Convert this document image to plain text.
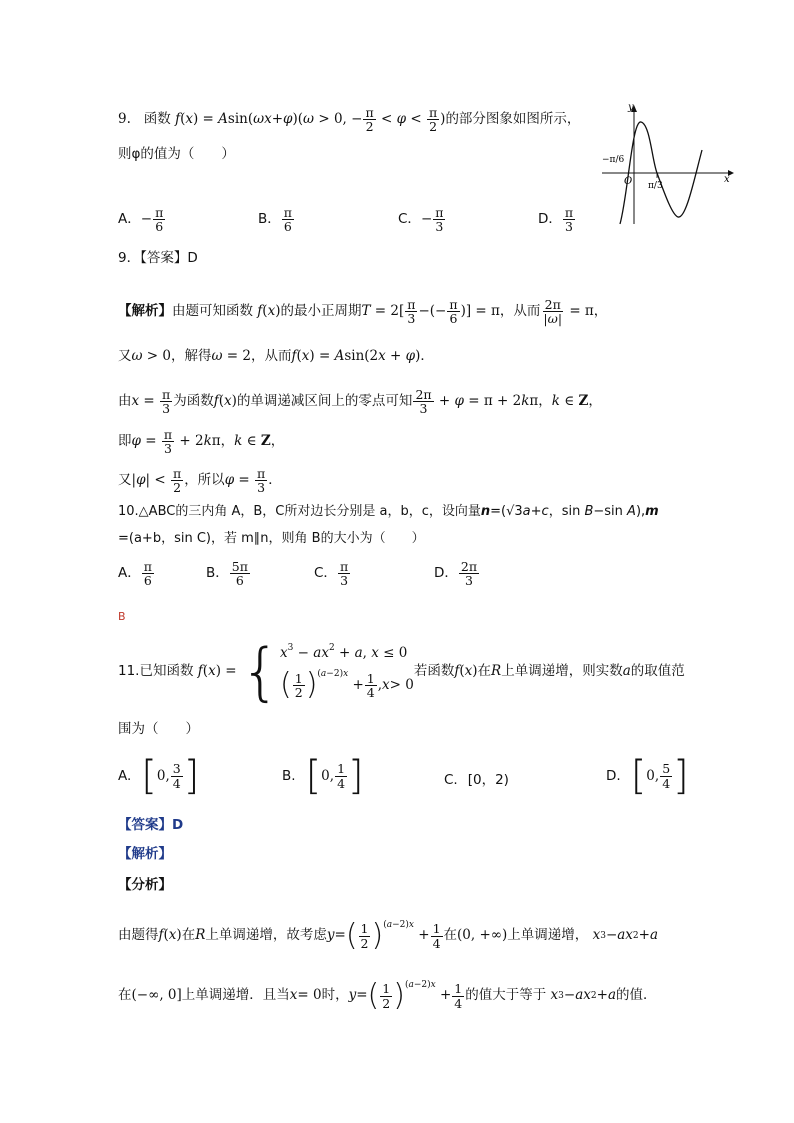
9. 函数 f(x) = Asin(ωx+φ)(ω > 0, − $\frac{\pi}{2} < \varphi < \frac{\pi}{2}$ )的部分图象如图所示，
则φ的值为（　　）
y
x
O
−π/6
π/3
A．− $\frac{\pi}{6}$	B． $\frac{\pi}{6}$	C．− $\frac{\pi}{3}$	D． $\frac{\pi}{3}$
9．【答案】D
【解析】由题可知函数 f(x)的最小正周期$T = 2[ \frac{\pi}{3}$ −(− $\frac{\pi}{6}$ )] = π，从而 $\frac{2\pi}{|\omega|} = \pi$，
又ω > 0，解得ω = 2，从而f(x) = Asin(2x + φ)．
由$x = \frac{\pi}{3}$ 为函数f(x)的单调递减区间上的零点可知 $\frac{2\pi}{3} + \varphi = \pi + 2k\pi$，k ∈ Z，
即$\varphi = \frac{\pi}{3} + 2k\pi$，k ∈ Z，
又$|\varphi| < \frac{\pi}{2}$ ，所以$\varphi = \frac{\pi}{3}$ ．
10.△ABC的三内角 A，B，C所对边长分别是 a，b，c，设向量n=(√3a+c，sin B−sin A),m
=(a+b，sin C)，若 m∥n，则角 B的大小为（　　）
A． $\frac{\pi}{6}$	B． $\frac{5\pi}{6}$	C． $\frac{\pi}{3}$	D． $\frac{2\pi}{3}$
B
11.已知函数
f ( x ) = { $x^3 - ax^2 + a$, x ≤ 0
( 1
2 ) (a−2)x
+ 1
4 , x > 0
若函数 f ( x ) 在 R 上单调递增，则实数 a 的取值范
围为（　　）
A. [ 0 , 3
4 ]	B. [ 0 , 1
4 ]	C. [0，2)	D. [ 0 , 5
4 ]
【答案】D
【解析】
【分析】
由题得 f ( x ) 在 R 上单调递增，故考虑 y = ( 1
2 ) (a−2)x
+ 1
4 在 (0, +∞) 上单调递增，
x 3 − ax 2 + a
在 (−∞, 0] 上单调递增．且当 x = 0 时， y = ( 1
2 ) (a−2)x
+ 1
4 的值大于等于
x 3 − ax 2 + a 的值．
